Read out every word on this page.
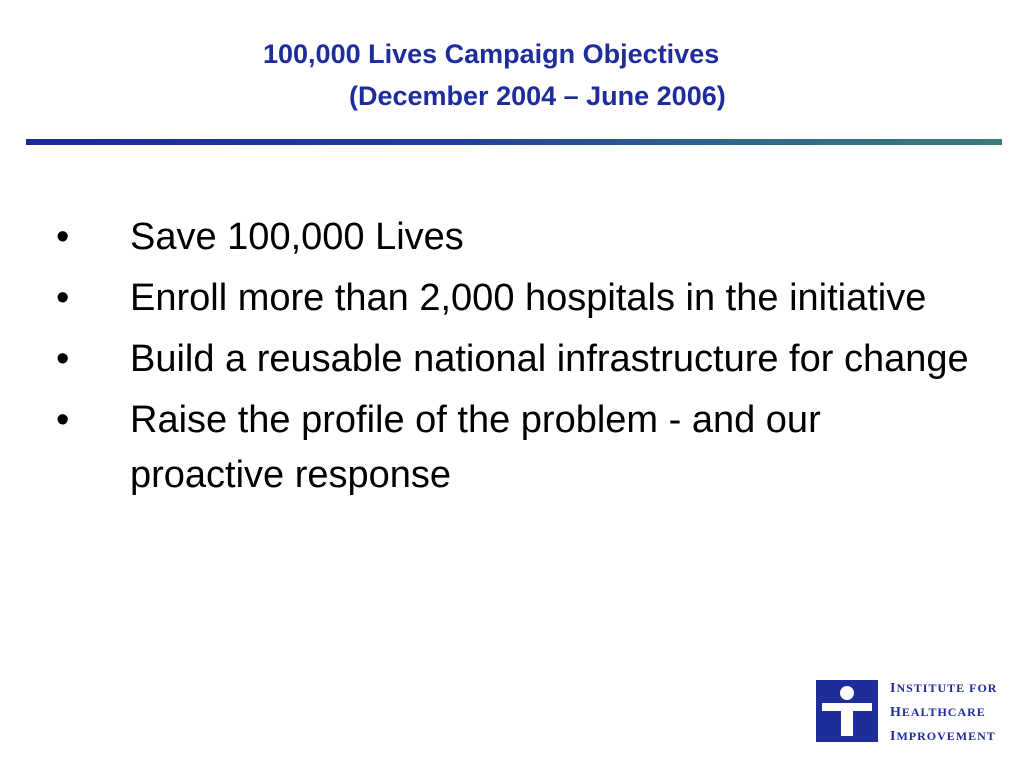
100,000 Lives Campaign Objectives
(December 2004 – June 2006)
•	Save 100,000 Lives
•	Enroll more than 2,000 hospitals in the initiative
•	Build a reusable national infrastructure for change
•	Raise the profile of the problem - and our proactive response
INSTITUTE FOR
HEALTHCARE
IMPROVEMENT
